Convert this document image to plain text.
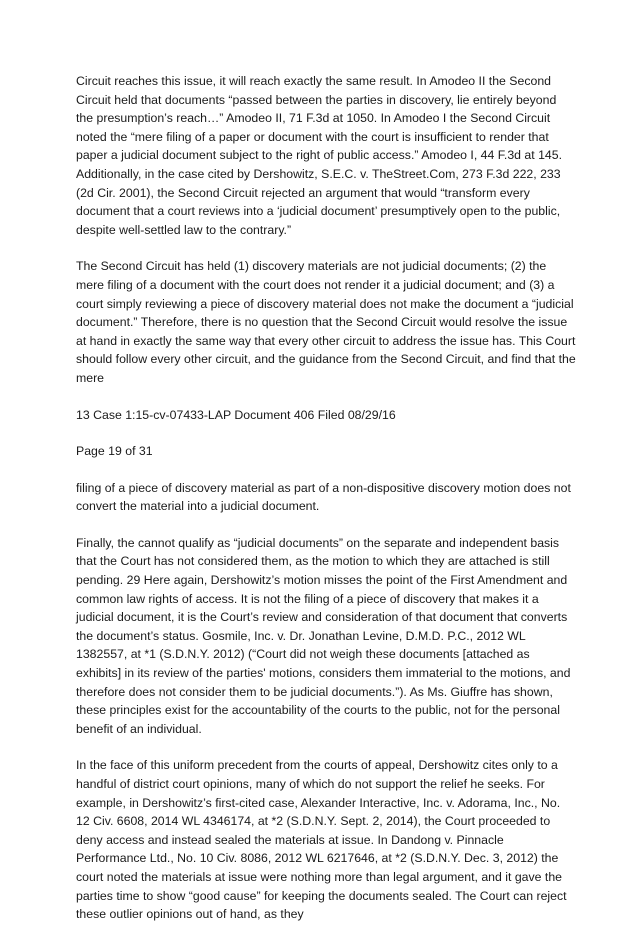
Circuit reaches this issue, it will reach exactly the same result. In Amodeo II the Second Circuit held that documents “passed between the parties in discovery, lie entirely beyond the presumption’s reach…” Amodeo II, 71 F.3d at 1050. In Amodeo I the Second Circuit noted the “mere filing of a paper or document with the court is insufficient to render that paper a judicial document subject to the right of public access.” Amodeo I, 44 F.3d at 145. Additionally, in the case cited by Dershowitz, S.E.C. v. TheStreet.Com, 273 F.3d 222, 233 (2d Cir. 2001), the Second Circuit rejected an argument that would “transform every document that a court reviews into a ‘judicial document’ presumptively open to the public, despite well-settled law to the contrary.”

The Second Circuit has held (1) discovery materials are not judicial documents; (2) the mere filing of a document with the court does not render it a judicial document; and (3) a court simply reviewing a piece of discovery material does not make the document a “judicial document.” Therefore, there is no question that the Second Circuit would resolve the issue at hand in exactly the same way that every other circuit to address the issue has. This Court should follow every other circuit, and the guidance from the Second Circuit, and find that the mere

13 Case 1:15-cv-07433-LAP Document 406 Filed 08/29/16

Page 19 of 31

filing of a piece of discovery material as part of a non-dispositive discovery motion does not convert the material into a judicial document.

Finally, the cannot qualify as “judicial documents” on the separate and independent basis that the Court has not considered them, as the motion to which they are attached is still pending. 29 Here again, Dershowitz’s motion misses the point of the First Amendment and common law rights of access. It is not the filing of a piece of discovery that makes it a judicial document, it is the Court’s review and consideration of that document that converts the document’s status. Gosmile, Inc. v. Dr. Jonathan Levine, D.M.D. P.C., 2012 WL 1382557, at *1 (S.D.N.Y. 2012) (“Court did not weigh these documents [attached as exhibits] in its review of the parties' motions, considers them immaterial to the motions, and therefore does not consider them to be judicial documents.”). As Ms. Giuffre has shown, these principles exist for the accountability of the courts to the public, not for the personal benefit of an individual.

In the face of this uniform precedent from the courts of appeal, Dershowitz cites only to a handful of district court opinions, many of which do not support the relief he seeks. For example, in Dershowitz’s first-cited case, Alexander Interactive, Inc. v. Adorama, Inc., No. 12 Civ. 6608, 2014 WL 4346174, at *2 (S.D.N.Y. Sept. 2, 2014), the Court proceeded to deny access and instead sealed the materials at issue. In Dandong v. Pinnacle Performance Ltd., No. 10 Civ. 8086, 2012 WL 6217646, at *2 (S.D.N.Y. Dec. 3, 2012) the court noted the materials at issue were nothing more than legal argument, and it gave the parties time to show “good cause” for keeping the documents sealed. The Court can reject these outlier opinions out of hand, as they
